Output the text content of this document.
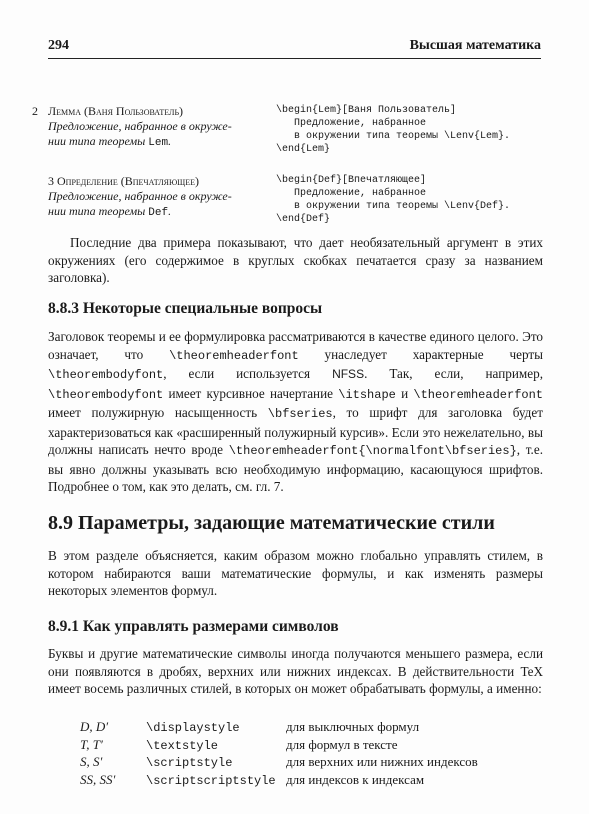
294	Высшая математика
2 Лемма (Ваня Пользователь)
Предложение, набранное в окруже-
нии типа теоремы Lem.
\begin{Lem}[Ваня Пользователь]
Предложение, набранное
в окружении типа теоремы \Lenv{Lem}.
\end{Lem}
3 Определение (Впечатляющее)
Предложение, набранное в окруже-
нии типа теоремы Def.
\begin{Def}[Впечатляющее]
Предложение, набранное
в окружении типа теоремы \Lenv{Def}.
\end{Def}
Последние два примера показывают, что дает необязательный аргумент в этих окружениях (его содержимое в круглых скобках печатается сразу за названием заголовка).
8.8.3 Некоторые специальные вопросы
Заголовок теоремы и ее формулировка рассматриваются в качестве единого целого. Это означает, что \theoremheaderfont унаследует характерные черты \theorembodyfont, если используется NFSS. Так, если, например, \theorembodyfont имеет курсивное начертание \itshape и \theoremheaderfont имеет полужирную насыщенность \bfseries, то шрифт для заголовка будет характеризоваться как «расширенный полужирный курсив». Если это нежелательно, вы должны написать нечто вроде \theoremheaderfont{\normalfont\bfseries}, т.е. вы явно должны указывать всю необходимую информацию, касающуюся шрифтов. Подробнее о том, как это делать, см. гл. 7.
8.9 Параметры, задающие математические стили
В этом разделе объясняется, каким образом можно глобально управлять стилем, в котором набираются ваши математические формулы, и как изменять размеры некоторых элементов формул.
8.9.1 Как управлять размерами символов
Буквы и другие математические символы иногда получаются меньшего размера, если они появляются в дробях, верхних или нижних индексах. В действительности TeX имеет восемь различных стилей, в которых он может обрабатывать формулы, а именно:
D, D′	\displaystyle	для выключных формул
T, T′	\textstyle	для формул в тексте
S, S′	\scriptstyle	для верхних или нижних индексов
SS, SS′	\scriptscriptstyle	для индексов к индексам
